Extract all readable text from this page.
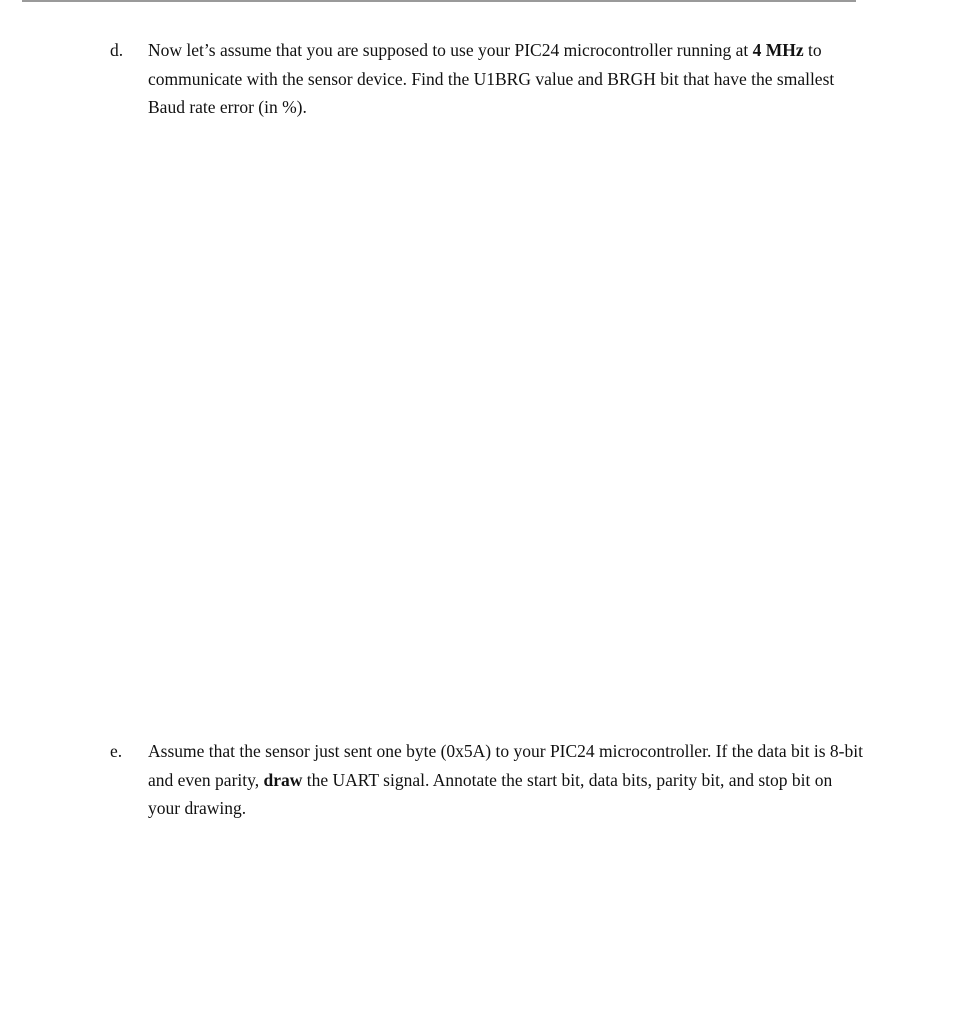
d.	Now let’s assume that you are supposed to use your PIC24 microcontroller running at 4 MHz to communicate with the sensor device. Find the U1BRG value and BRGH bit that have the smallest Baud rate error (in %).
e.	Assume that the sensor just sent one byte (0x5A) to your PIC24 microcontroller. If the data bit is 8-bit and even parity, draw the UART signal. Annotate the start bit, data bits, parity bit, and stop bit on your drawing.
